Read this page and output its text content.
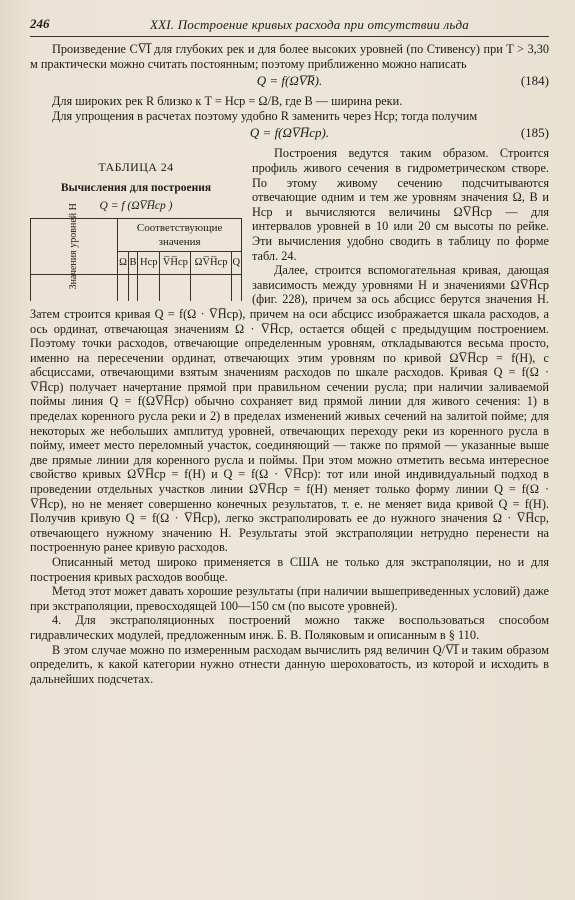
246	XXI. Построение кривых расхода при отсутствии льда

Произведение CV̅I̅ для глубоких рек и для более высоких уровней (по Стивенсу) при T > 3,30 м практически можно считать постоянным; поэтому приближенно можно написать

Q = f(ΩV̅R̅).	(184)

Для широких рек R близко к T = Hср = Ω/B, где B — ширина реки.

Для упрощения в расчетах поэтому удобно R заменить через Hср; тогда получим

Q = f(ΩV̅H̅ср).	(185)
ТАБЛИЦА 24
Вычисления для построения
Q = f (ΩV̅H̅ср )
Значения уровней H	Соответствующие значения					
	Ω	B	Hср	V̅H̅ср	ΩV̅H̅ср	Q

Построения ведутся таким образом. Строится профиль живого сечения в гидрометрическом створе. По этому живому сечению подсчитываются отвечающие одним и тем же уровням значения Ω, B и Hср и вычисляются величины ΩV̅H̅ср — для интервалов уровней в 10 или 20 см высоты по рейке. Эти вычисления удобно сводить в таблицу по форме табл. 24.

Далее, строится вспомогательная кривая, дающая зависимость между уровнями H и значениями ΩV̅H̅ср (фиг. 228), причем за ось абсцисс берутся значения H. Затем строится кривая Q = f(Ω · V̅H̅ср), причем на оси абсцисс изображается шкала расходов, а ось ординат, отвечающая значениям Ω · V̅H̅ср, остается общей с предыдущим построением. Поэтому точки расходов, отвечающие определенным уровням, откладываются весьма просто, именно на пересечении ординат, отвечающих этим уровням по кривой ΩV̅H̅ср = f(H), с абсциссами, отвечающими взятым значениям расходов по шкале расходов. Кривая Q = f(Ω · V̅H̅ср) получает начертание прямой при правильном сечении русла; при наличии заливаемой поймы линия Q = f(ΩV̅H̅ср) обычно сохраняет вид прямой линии для живого сечения: 1) в пределах коренного русла реки и 2) в пределах изменений живых сечений на залитой пойме; для некоторых же небольших амплитуд уровней, отвечающих переходу реки из коренного русла в пойму, имеет место переломный участок, соединяющий — также по прямой — указанные выше две прямые линии для коренного русла и поймы. При этом можно отметить весьма интересное свойство кривых ΩV̅H̅ср = f(H) и Q = f(Ω · V̅H̅ср): тот или иной индивидуальный подход в проведении отдельных участков линии ΩV̅H̅ср = f(H) меняет только форму линии Q = f(Ω · V̅H̅ср), но не меняет совершенно конечных результатов, т. е. не меняет вида кривой Q = f(H). Получив кривую Q = f(Ω · V̅H̅ср), легко экстраполировать ее до нужного значения Ω · V̅H̅ср, отвечающего нужному значению H. Результаты этой экстраполяции нетрудно перенести на построенную ранее кривую расходов.

Описанный метод широко применяется в США не только для экстраполяции, но и для построения кривых расходов вообще.

Метод этот может давать хорошие результаты (при наличии вышеприведенных условий) даже при экстраполяции, превосходящей 100—150 см (по высоте уровней).

4. Для экстраполяционных построений можно также воспользоваться способом гидравлических модулей, предложенным инж. Б. В. Поляковым и описанным в § 110.

В этом случае можно по измеренным расходам вычислить ряд величин Q/V̅I̅ и таким образом определить, к какой категории нужно отнести данную шероховатость, из которой и исходить в дальнейших подсчетах.
